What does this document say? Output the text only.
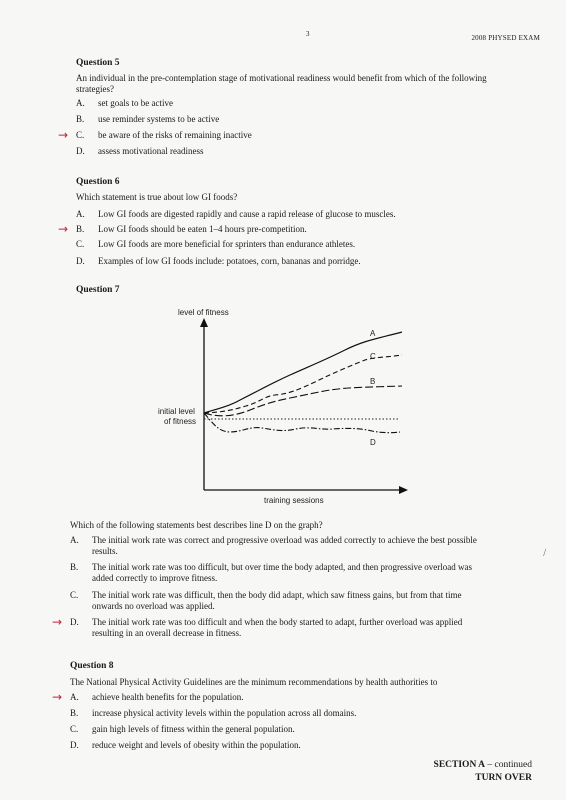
3	2008 PHYSED EXAM
Question 5
An individual in the pre-contemplation stage of motivational readiness would benefit from which of the following
strategies?
A. set goals to be active
B. use reminder systems to be active
→ C. be aware of the risks of remaining inactive
D. assess motivational readiness
Question 6
Which statement is true about low GI foods?
A. Low GI foods are digested rapidly and cause a rapid release of glucose to muscles.
→ B. Low GI foods should be eaten 1–4 hours pre-competition.
C. Low GI foods are more beneficial for sprinters than endurance athletes.
D. Examples of low GI foods include: potatoes, corn, bananas and porridge.
Question 7
level of fitness
initial level
of fitness
training sessions
A
C
B
D
Which of the following statements best describes line D on the graph?
A. The initial work rate was correct and progressive overload was added correctly to achieve the best possible
results.	/
B. The initial work rate was too difficult, but over time the body adapted, and then progressive overload was
added correctly to improve fitness.
C. The initial work rate was difficult, then the body did adapt, which saw fitness gains, but from that time
onwards no overload was applied.
→ D. The initial work rate was too difficult and when the body started to adapt, further overload was applied
resulting in an overall decrease in fitness.
Question 8
The National Physical Activity Guidelines are the minimum recommendations by health authorities to
→ A. achieve health benefits for the population.
B. increase physical activity levels within the population across all domains.
C. gain high levels of fitness within the general population.
D. reduce weight and levels of obesity within the population.
SECTION A – continued
TURN OVER
